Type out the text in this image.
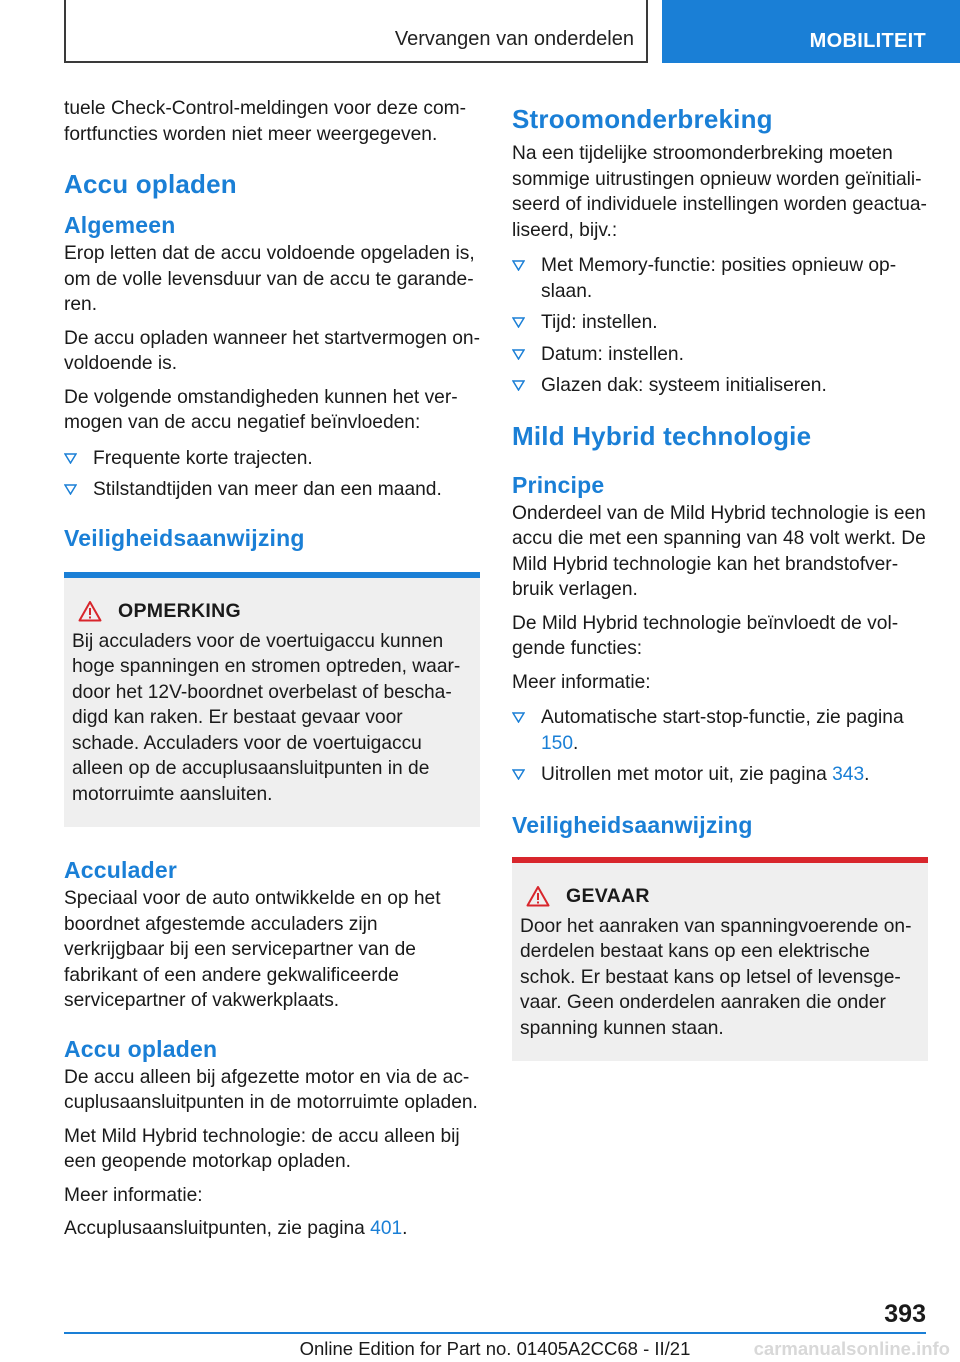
Vervangen van onderdelen	MOBILITEIT

tuele Check-Control-meldingen voor deze comfortfuncties worden niet meer weergegeven.

Accu opladen
Algemeen

Erop letten dat de accu voldoende opgeladen is, om de volle levensduur van de accu te garanderen.

De accu opladen wanneer het startvermogen onvoldoende is.

De volgende omstandigheden kunnen het vermogen van de accu negatief beïnvloeden:

Frequente korte trajecten.
Stilstandtijden van meer dan een maand.
Veiligheidsaanwijzing
OPMERKING

Bij acculaders voor de voertuigaccu kunnen hoge spanningen en stromen optreden, waardoor het 12V-boordnet overbelast of beschadigd kan raken. Er bestaat gevaar voor schade. Acculaders voor de voertuigaccu alleen op de accuplusaansluitpunten in de motorruimte aansluiten.

Acculader

Speciaal voor de auto ontwikkelde en op het boordnet afgestemde acculaders zijn verkrijgbaar bij een servicepartner van de fabrikant of een andere gekwalificeerde servicepartner of vakwerkplaats.

Accu opladen

De accu alleen bij afgezette motor en via de accuplusaansluitpunten in de motorruimte opladen.

Met Mild Hybrid technologie: de accu alleen bij een geopende motorkap opladen.

Meer informatie:

Accuplusaansluitpunten, zie pagina 401.

Stroomonderbreking

Na een tijdelijke stroomonderbreking moeten sommige uitrustingen opnieuw worden geïnitialiseerd of individuele instellingen worden geactualiseerd, bijv.:

Met Memory-functie: posities opnieuw opslaan.
Tijd: instellen.
Datum: instellen.
Glazen dak: systeem initialiseren.
Mild Hybrid technologie
Principe

Onderdeel van de Mild Hybrid technologie is een accu die met een spanning van 48 volt werkt. De Mild Hybrid technologie kan het brandstofverbruik verlagen.

De Mild Hybrid technologie beïnvloedt de volgende functies:

Meer informatie:

Automatische start-stop-functie, zie pagina 150.
Uitrollen met motor uit, zie pagina 343.
Veiligheidsaanwijzing
GEVAAR

Door het aanraken van spanningvoerende onderdelen bestaat kans op een elektrische schok. Er bestaat kans op letsel of levensgevaar. Geen onderdelen aanraken die onder spanning kunnen staan.

393
Online Edition for Part no. 01405A2CC68 - II/21	carmanualsonline.info
